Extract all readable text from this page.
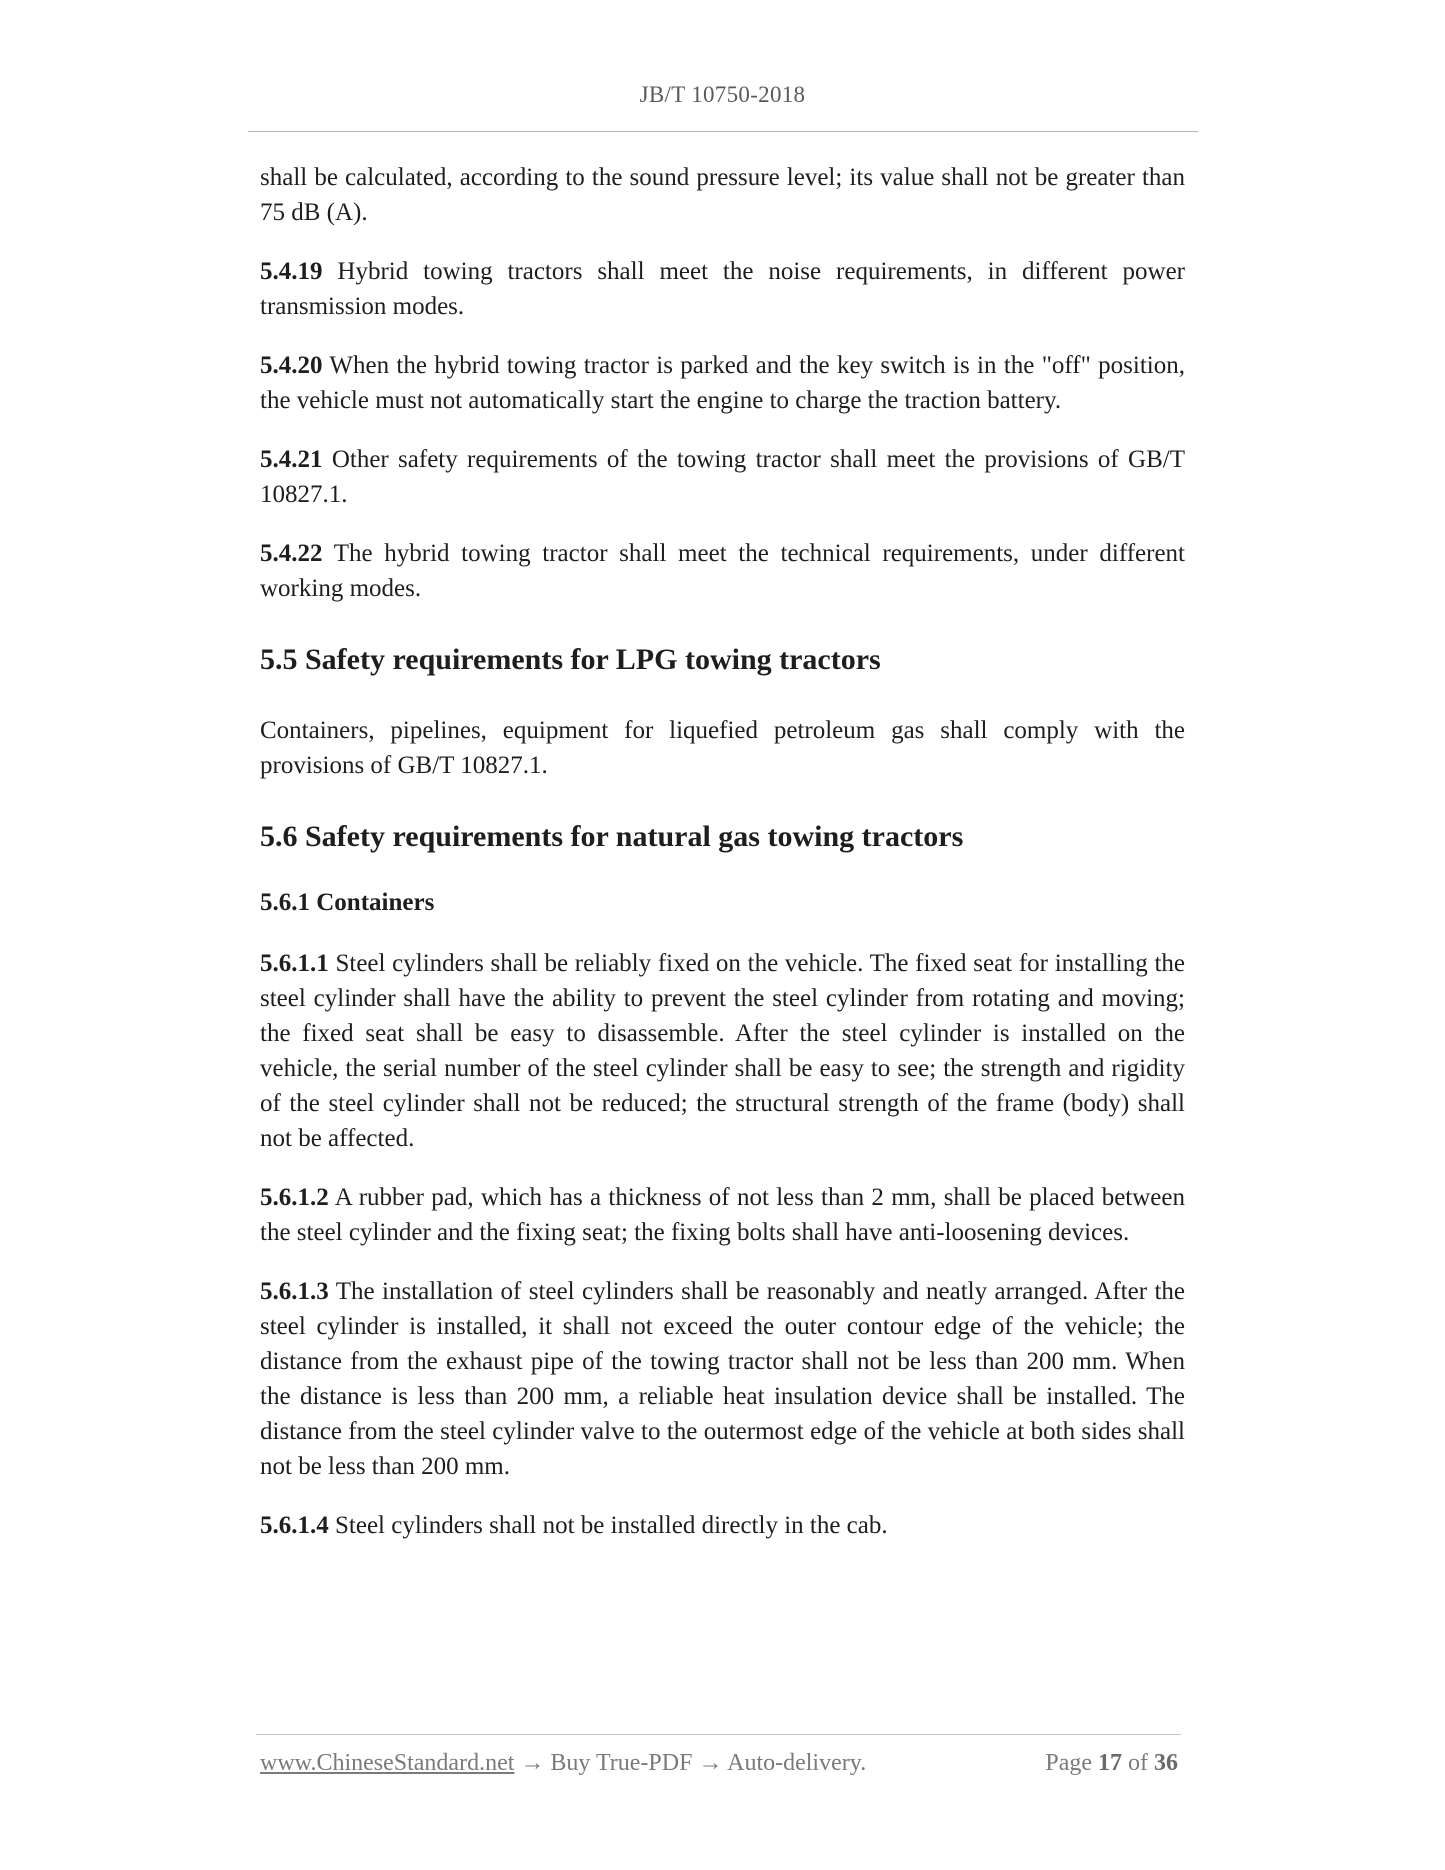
JB/T 10750-2018

shall be calculated, according to the sound pressure level; its value shall not be greater than 75 dB (A).

5.4.19 Hybrid towing tractors shall meet the noise requirements, in different power transmission modes.

5.4.20 When the hybrid towing tractor is parked and the key switch is in the "off" position, the vehicle must not automatically start the engine to charge the traction battery.

5.4.21 Other safety requirements of the towing tractor shall meet the provisions of GB/T 10827.1.

5.4.22 The hybrid towing tractor shall meet the technical requirements, under different working modes.

5.5 Safety requirements for LPG towing tractors

Containers, pipelines, equipment for liquefied petroleum gas shall comply with the provisions of GB/T 10827.1.

5.6 Safety requirements for natural gas towing tractors
5.6.1 Containers

5.6.1.1 Steel cylinders shall be reliably fixed on the vehicle. The fixed seat for installing the steel cylinder shall have the ability to prevent the steel cylinder from rotating and moving; the fixed seat shall be easy to disassemble. After the steel cylinder is installed on the vehicle, the serial number of the steel cylinder shall be easy to see; the strength and rigidity of the steel cylinder shall not be reduced; the structural strength of the frame (body) shall not be affected.

5.6.1.2 A rubber pad, which has a thickness of not less than 2 mm, shall be placed between the steel cylinder and the fixing seat; the fixing bolts shall have anti-loosening devices.

5.6.1.3 The installation of steel cylinders shall be reasonably and neatly arranged. After the steel cylinder is installed, it shall not exceed the outer contour edge of the vehicle; the distance from the exhaust pipe of the towing tractor shall not be less than 200 mm. When the distance is less than 200 mm, a reliable heat insulation device shall be installed. The distance from the steel cylinder valve to the outermost edge of the vehicle at both sides shall not be less than 200 mm.

5.6.1.4 Steel cylinders shall not be installed directly in the cab.

www.ChineseStandard.net → Buy True-PDF → Auto-delivery.	Page 17 of 36
